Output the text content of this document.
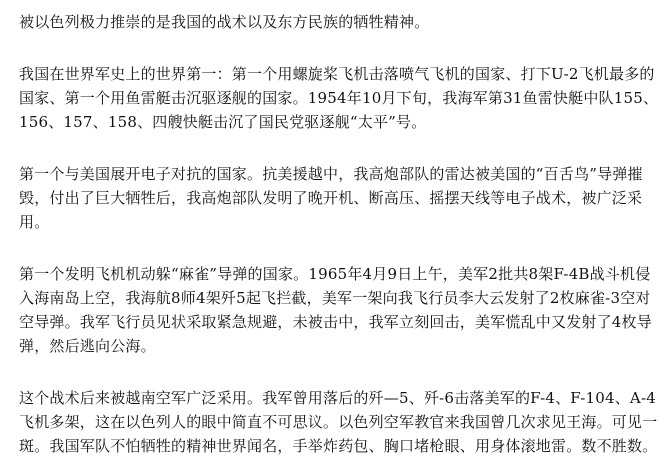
被以色列极力推崇的是我国的战术以及东方民族的牺牲精神。

我国在世界军史上的世界第一：第一个用螺旋桨飞机击落喷气飞机的国家、打下U-2飞机最多的国家、第一个用鱼雷艇击沉驱逐舰的国家。1954年10月下旬，我海军第31鱼雷快艇中队155、156、157、158、四艘快艇击沉了国民党驱逐舰“太平”号。

第一个与美国展开电子对抗的国家。抗美援越中，我高炮部队的雷达被美国的“百舌鸟”导弹摧毁，付出了巨大牺牲后，我高炮部队发明了晚开机、断高压、摇摆天线等电子战术，被广泛采用。

第一个发明飞机机动躲“麻雀”导弹的国家。1965年4月9日上午，美军2批共8架F-4B战斗机侵入海南岛上空，我海航8师4架歼5起飞拦截，美军一架向我飞行员李大云发射了2枚麻雀-3空对空导弹。我军飞行员见状采取紧急规避，未被击中，我军立刻回击，美军慌乱中又发射了4枚导弹，然后逃向公海。

这个战术后来被越南空军广泛采用。我军曾用落后的歼—5、歼-6击落美军的F-4、F-104、A-4飞机多架，这在以色列人的眼中简直不可思议。以色列空军教官来我国曾几次求见王海。可见一斑。我国军队不怕牺牲的精神世界闻名，手举炸药包、胸口堵枪眼、用身体滚地雷。数不胜数。
